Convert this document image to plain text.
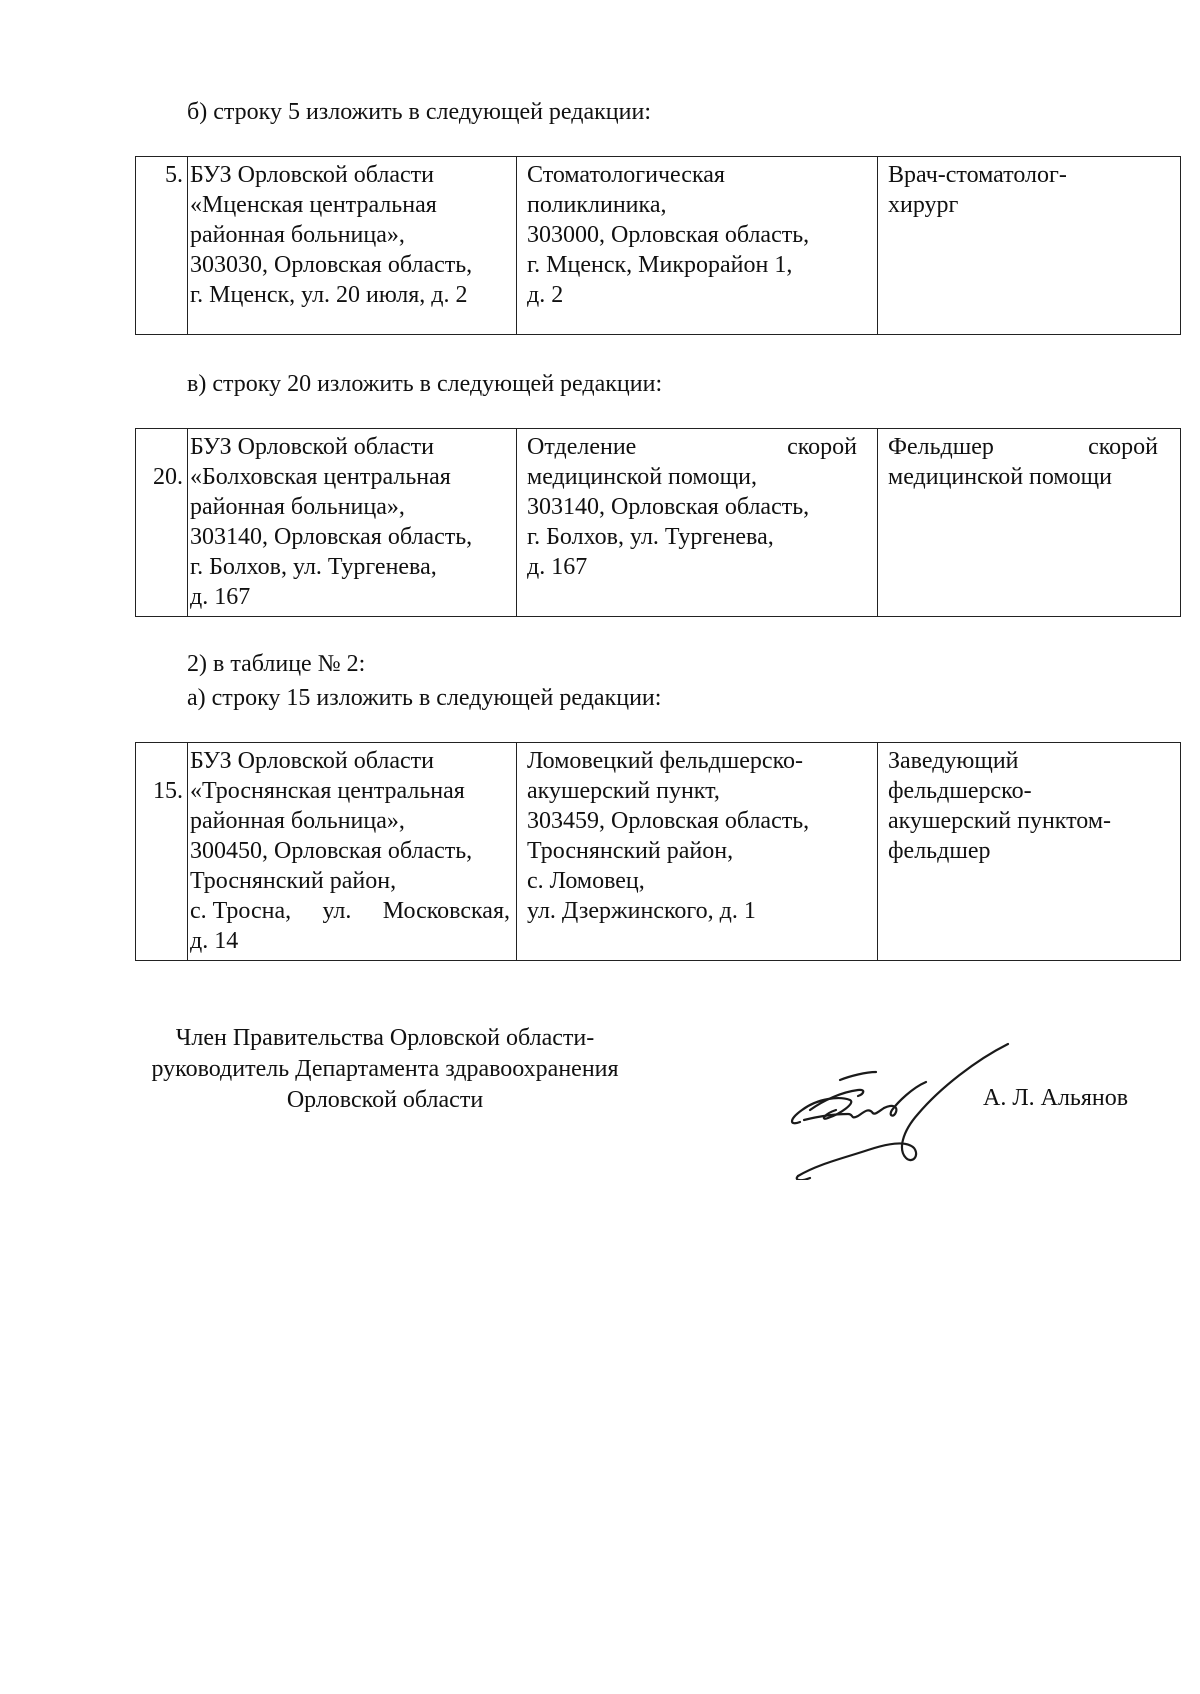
б) строку 5 изложить в следующей редакции:
5.	БУЗ Орловской области
«Мценская центральная
районная больница»,
303030, Орловская область,
г. Мценск, ул. 20 июля, д. 2

Стоматологическая
поликлиника,
303000, Орловская область,
г. Мценск, Микрорайон 1,
д. 2

Врач-стоматолог-
хирург
в) строку 20 изложить в следующей редакции:
20.	
БУЗ Орловской области
«Болховская центральная
районная больница»,
303140, Орловская область,
г. Болхов, ул. Тургенева,
д. 167

Отделение	скорой
медицинской помощи,
303140, Орловская область,
г. Болхов, ул. Тургенева,
д. 167

Фельдшер	скорой
медицинской помощи
2) в таблице № 2:
а) строку 15 изложить в следующей редакции:
15.	
БУЗ Орловской области
«Троснянская центральная
районная больница»,
300450, Орловская область,
Троснянский район,
с. Тросна, ул. Московская,
д. 14

Ломовецкий фельдшерско-
акушерский пункт,
303459, Орловская область,
Троснянский район,
с. Ломовец,
ул. Дзержинского, д. 1

Заведующий
фельдшерско-
акушерский пунктом-
фельдшер
Член Правительства Орловской области-
руководитель Департамента здравоохранения
Орловской области	А. Л. Альянов
